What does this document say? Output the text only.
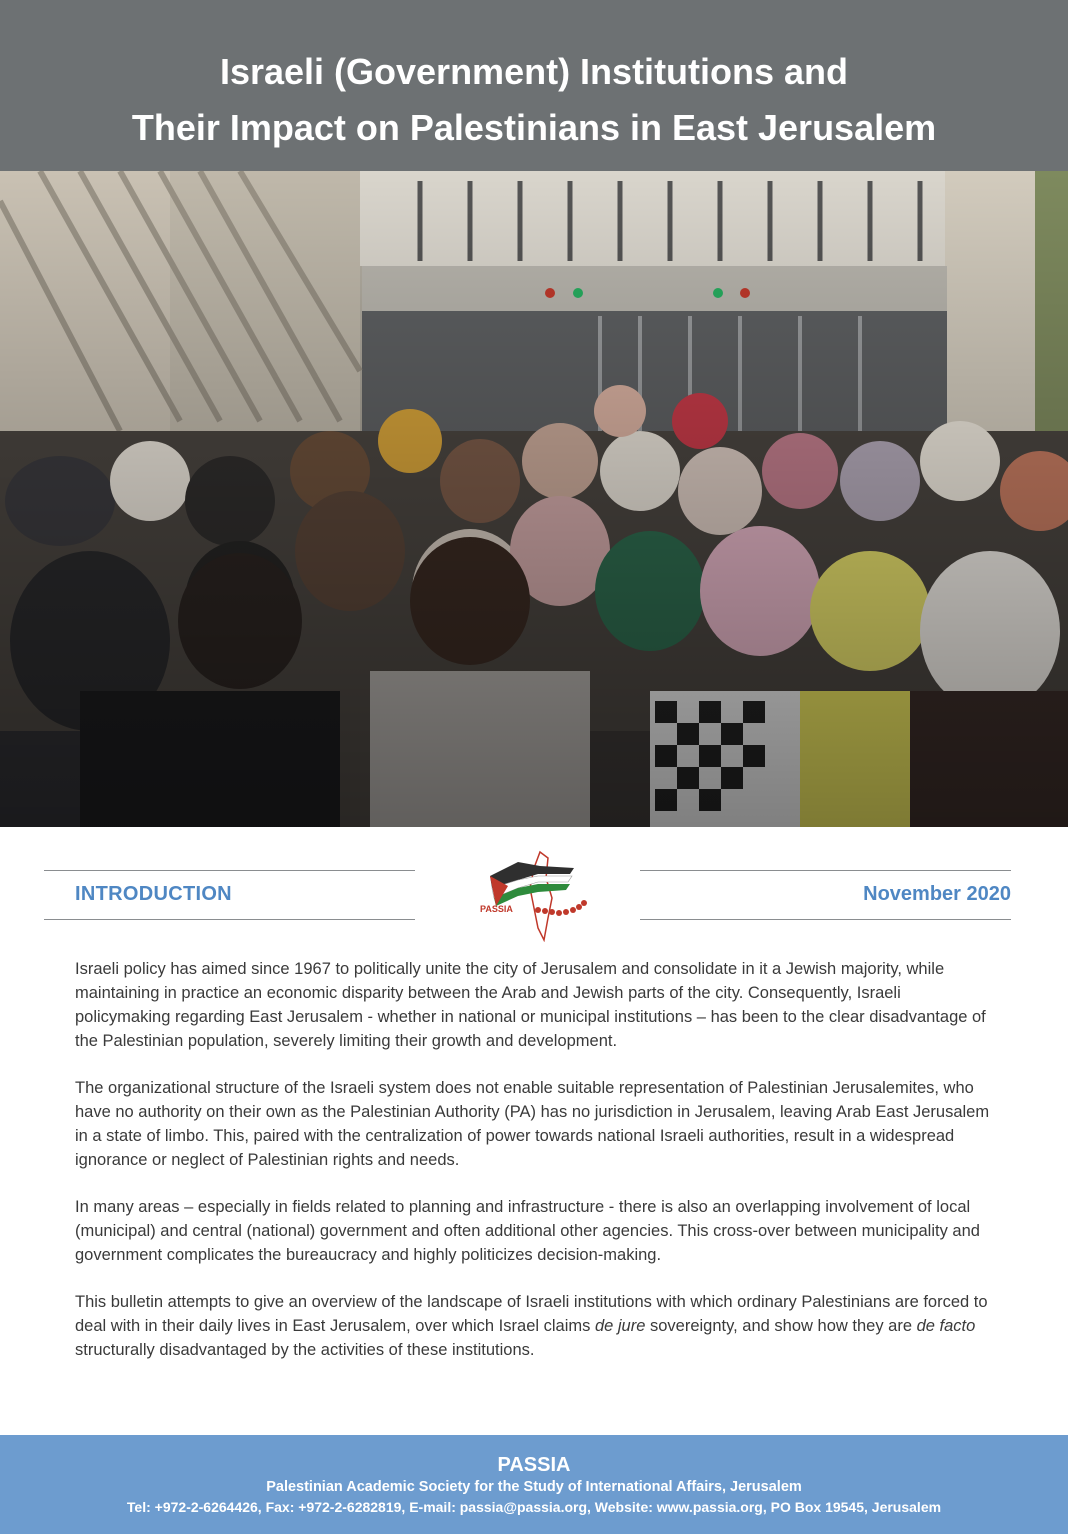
Israeli (Government) Institutions and
Their Impact on Palestinians in East Jerusalem
INTRODUCTION	November 2020
PASSIA

Israeli policy has aimed since 1967 to politically unite the city of Jerusalem and consolidate in it a Jewish majority, while maintaining in practice an economic disparity between the Arab and Jewish parts of the city. Consequently, Israeli policymaking regarding East Jerusalem - whether in national or municipal institutions – has been to the clear disadvantage of the Palestinian population, severely limiting their growth and development.

The organizational structure of the Israeli system does not enable suitable representation of Palestinian Jerusalemites, who have no authority on their own as the Palestinian Authority (PA) has no jurisdiction in Jerusalem, leaving Arab East Jerusalem in a state of limbo. This, paired with the centralization of power towards national Israeli authorities, result in a widespread ignorance or neglect of Palestinian rights and needs.

In many areas – especially in fields related to planning and infrastructure - there is also an overlapping involvement of local (municipal) and central (national) government and often additional other agencies. This cross-over between municipality and government complicates the bureaucracy and highly politicizes decision-making.

This bulletin attempts to give an overview of the landscape of Israeli institutions with which ordinary Palestinians are forced to deal with in their daily lives in East Jerusalem, over which Israel claims de jure sovereignty, and show how they are de facto structurally disadvantaged by the activities of these institutions.

PASSIA
Palestinian Academic Society for the Study of International Affairs, Jerusalem
Tel: +972-2-6264426, Fax: +972-2-6282819, E-mail: passia@passia.org, Website: www.passia.org, PO Box 19545, Jerusalem
